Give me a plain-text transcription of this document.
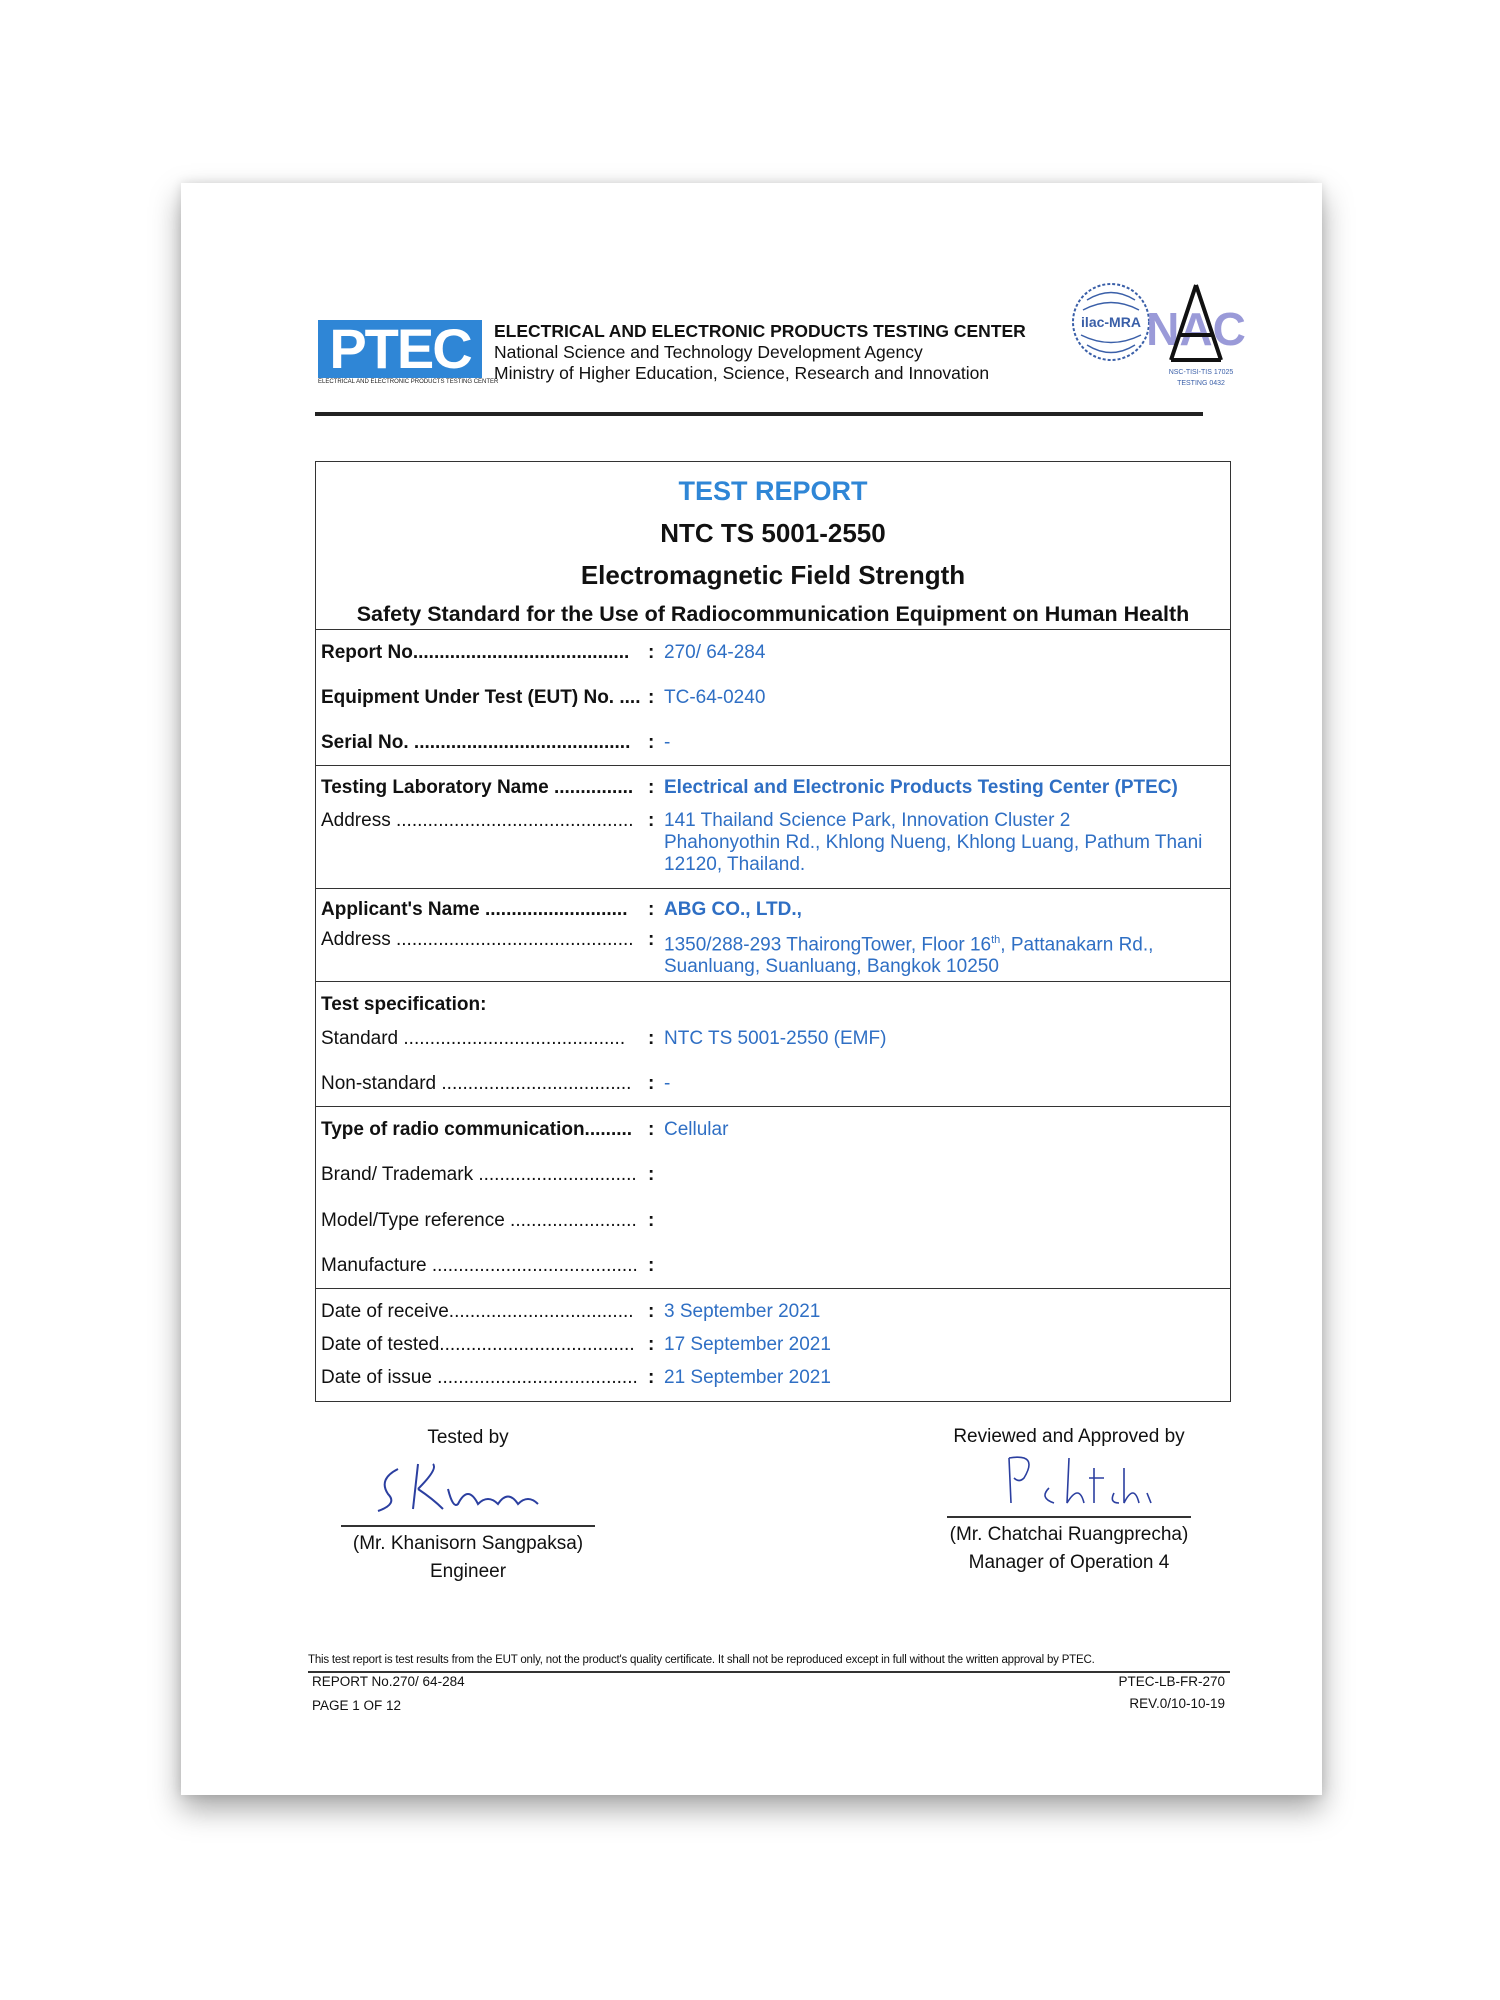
PTEC
ELECTRICAL AND ELECTRONIC PRODUCTS TESTING CENTER
ELECTRICAL AND ELECTRONIC PRODUCTS TESTING CENTER
National Science and Technology Development Agency
Ministry of Higher Education, Science, Research and Innovation
ilac-MRA NAC
NSC-TISI-TIS 17025
TESTING 0432
TEST REPORT
NTC TS 5001-2550
Electromagnetic Field Strength
Safety Standard for the Use of Radiocommunication Equipment on Human Health
Report No......................................... : 270/ 64-284
Equipment Under Test (EUT) No. .... : TC-64-0240
Serial No. ......................................... : -
Testing Laboratory Name ............... : Electrical and Electronic Products Testing Center (PTEC)
Address ............................................. : 141 Thailand Science Park, Innovation Cluster 2
Phahonyothin Rd., Khlong Nueng, Khlong Luang, Pathum Thani
12120, Thailand.
Applicant's Name ...........................	: ABG CO., LTD.,
Address ............................................. : 1350/288-293 ThairongTower, Floor 16th, Pattanakarn Rd.,
Suanluang, Suanluang, Bangkok 10250
Test specification:
Standard ..........................................	: NTC TS 5001-2550 (EMF)
Non-standard .................................... : -
Type of radio communication......... : Cellular
Brand/ Trademark .............................. :
Model/Type reference ........................ :
Manufacture ....................................... :
Date of receive................................... : 3 September 2021
Date of tested..................................... : 17 September 2021
Date of issue ...................................... : 21 September 2021
Tested by
(Mr. Khanisorn Sangpaksa)
Engineer
Reviewed and Approved by
(Mr. Chatchai Ruangprecha)
Manager of Operation 4
This test report is test results from the EUT only, not the product's quality certificate. It shall not be reproduced except in full without the written approval by PTEC.
REPORT No.270/ 64-284
PAGE 1 OF 12
PTEC-LB-FR-270
REV.0/10-10-19
